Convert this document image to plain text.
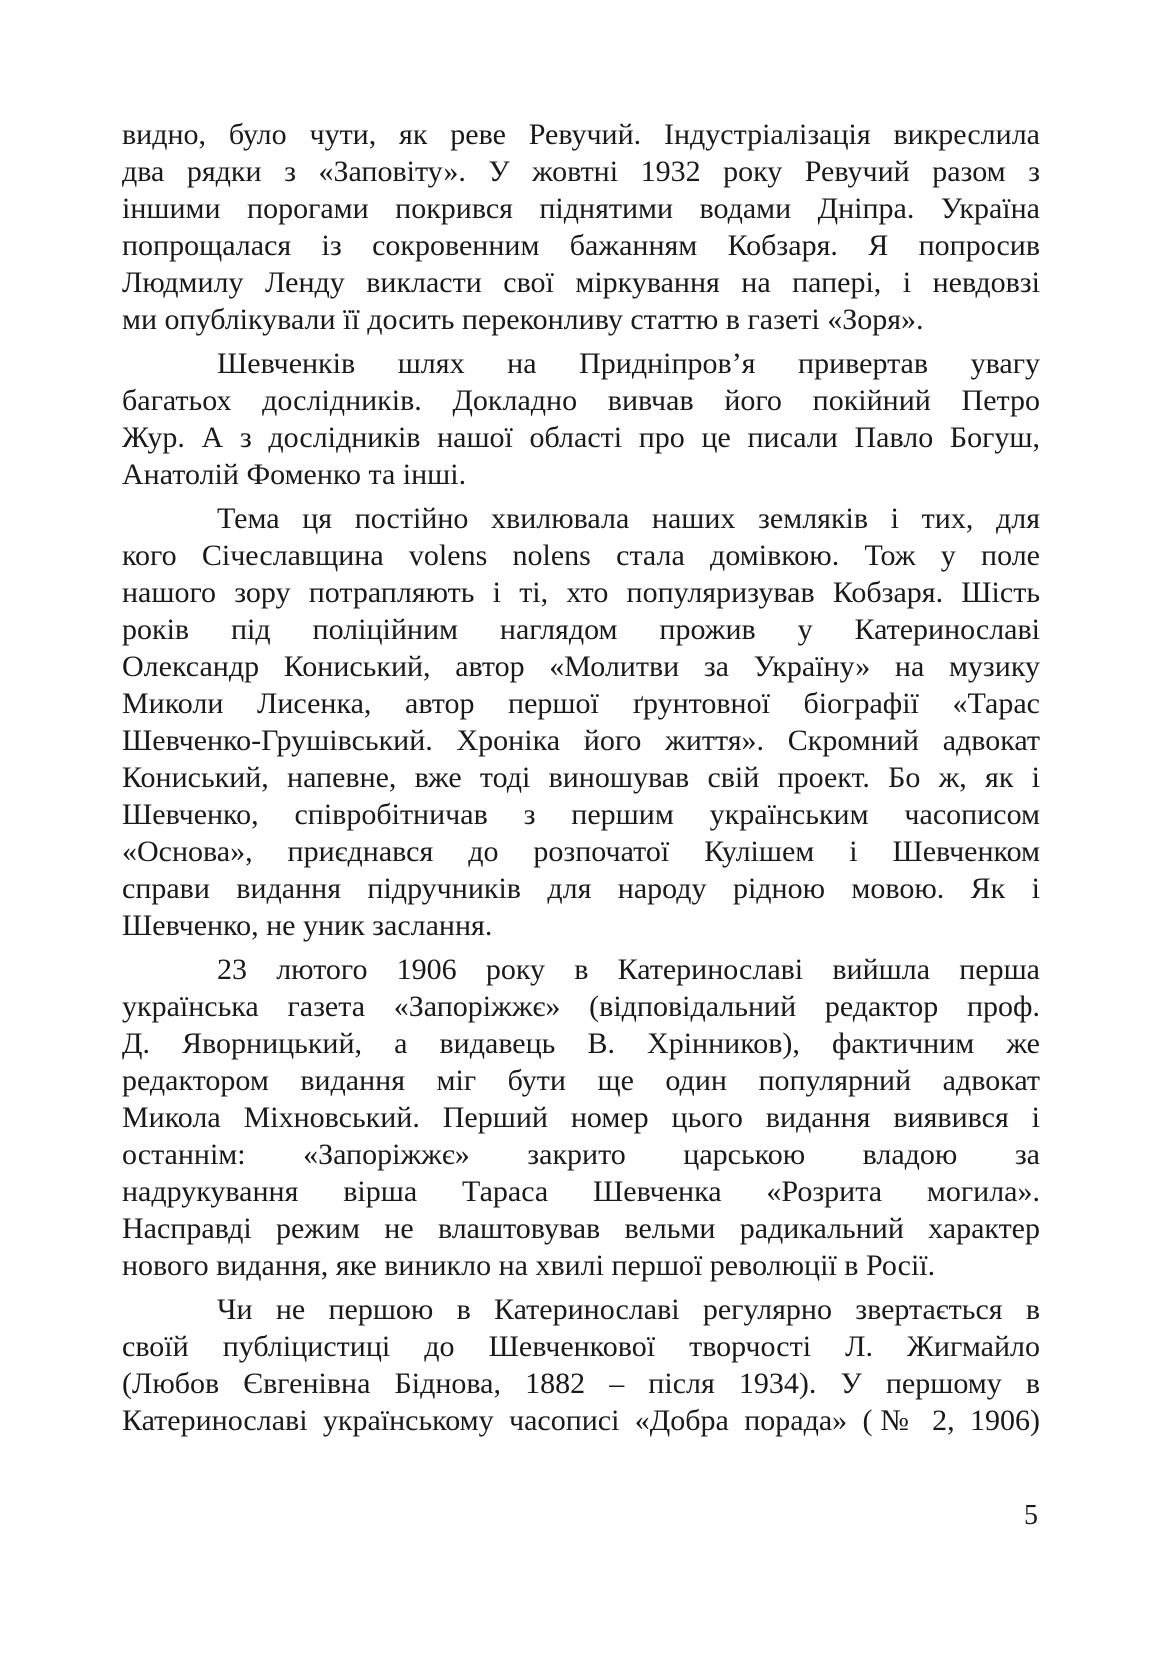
видно, було чути, як реве Ревучий. Індустріалізація викреслила
два рядки з «Заповіту». У жовтні 1932 року Ревучий разом з
іншими порогами покрився піднятими водами Дніпра. Україна
попрощалася із сокровенним бажанням Кобзаря. Я попросив
Людмилу Ленду викласти свої міркування на папері, і невдовзі
ми опублікували її досить переконливу статтю в газеті «Зоря».
Шевченків шлях на Придніпров’я привертав увагу
багатьох дослідників. Докладно вивчав його покійний Петро
Жур. А з дослідників нашої області про це писали Павло Богуш,
Анатолій Фоменко та інші.
Тема ця постійно хвилювала наших земляків і тих, для
кого Січеславщина volens nolens стала домівкою. Тож у поле
нашого зору потрапляють і ті, хто популяризував Кобзаря. Шість
років під поліційним наглядом прожив у Катеринославі
Олександр Кониський, автор «Молитви за Україну» на музику
Миколи Лисенка, автор першої ґрунтовної біографії «Тарас
Шевченко-Грушівський. Хроніка його життя». Скромний адвокат
Кониський, напевне, вже тоді виношував свій проект. Бо ж, як і
Шевченко, співробітничав з першим українським часописом
«Основа», приєднався до розпочатої Кулішем і Шевченком
справи видання підручників для народу рідною мовою. Як і
Шевченко, не уник заслання.
23 лютого 1906 року в Катеринославі вийшла перша
українська газета «Запоріжжє» (відповідальний редактор проф.
Д. Яворницький, а видавець В. Хрінников), фактичним же
редактором видання міг бути ще один популярний адвокат
Микола Міхновський. Перший номер цього видання виявився і
останнім: «Запоріжжє» закрито царською владою за
надрукування вірша Тараса Шевченка «Розрита могила».
Насправді режим не влаштовував вельми радикальний характер
нового видання, яке виникло на хвилі першої революції в Росії.
Чи не першою в Катеринославі регулярно звертається в
своїй публіцистиці до Шевченкової творчості Л. Жигмайло
(Любов Євгенівна Біднова, 1882 – після 1934). У першому в
Катеринославі українському часописі «Добра порада» (№ 2, 1906)
5
